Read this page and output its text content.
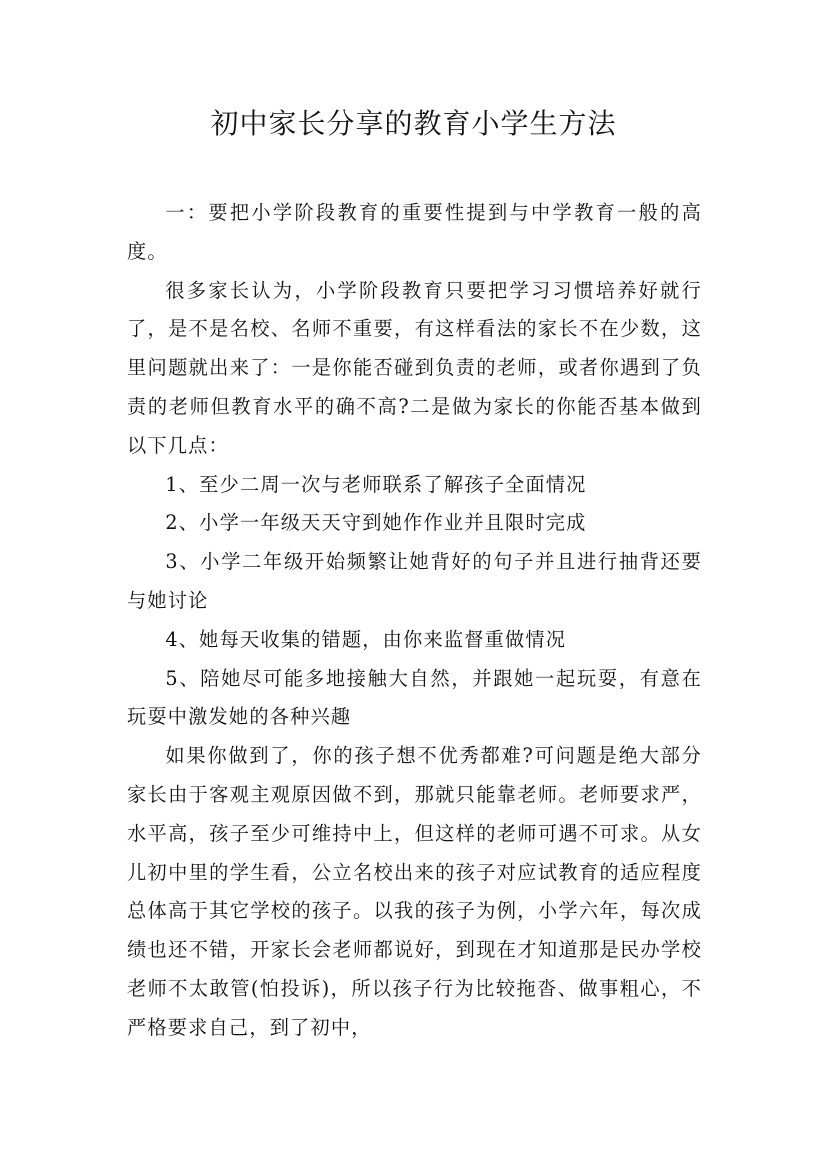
初中家长分享的教育小学生方法

一：要把小学阶段教育的重要性提到与中学教育一般的高度。

很多家长认为，小学阶段教育只要把学习习惯培养好就行了，是不是名校、名师不重要，有这样看法的家长不在少数，这里问题就出来了：一是你能否碰到负责的老师，或者你遇到了负责的老师但教育水平的确不高?二是做为家长的你能否基本做到以下几点：

1、至少二周一次与老师联系了解孩子全面情况

2、小学一年级天天守到她作作业并且限时完成

3、小学二年级开始频繁让她背好的句子并且进行抽背还要与她讨论

4、她每天收集的错题，由你来监督重做情况

5、陪她尽可能多地接触大自然，并跟她一起玩耍，有意在玩耍中激发她的各种兴趣

如果你做到了，你的孩子想不优秀都难?可问题是绝大部分家长由于客观主观原因做不到，那就只能靠老师。老师要求严，水平高，孩子至少可维持中上，但这样的老师可遇不可求。从女儿初中里的学生看，公立名校出来的孩子对应试教育的适应程度总体高于其它学校的孩子。以我的孩子为例，小学六年，每次成绩也还不错，开家长会老师都说好，到现在才知道那是民办学校老师不太敢管(怕投诉)，所以孩子行为比较拖沓、做事粗心，不严格要求自己，到了初中，
